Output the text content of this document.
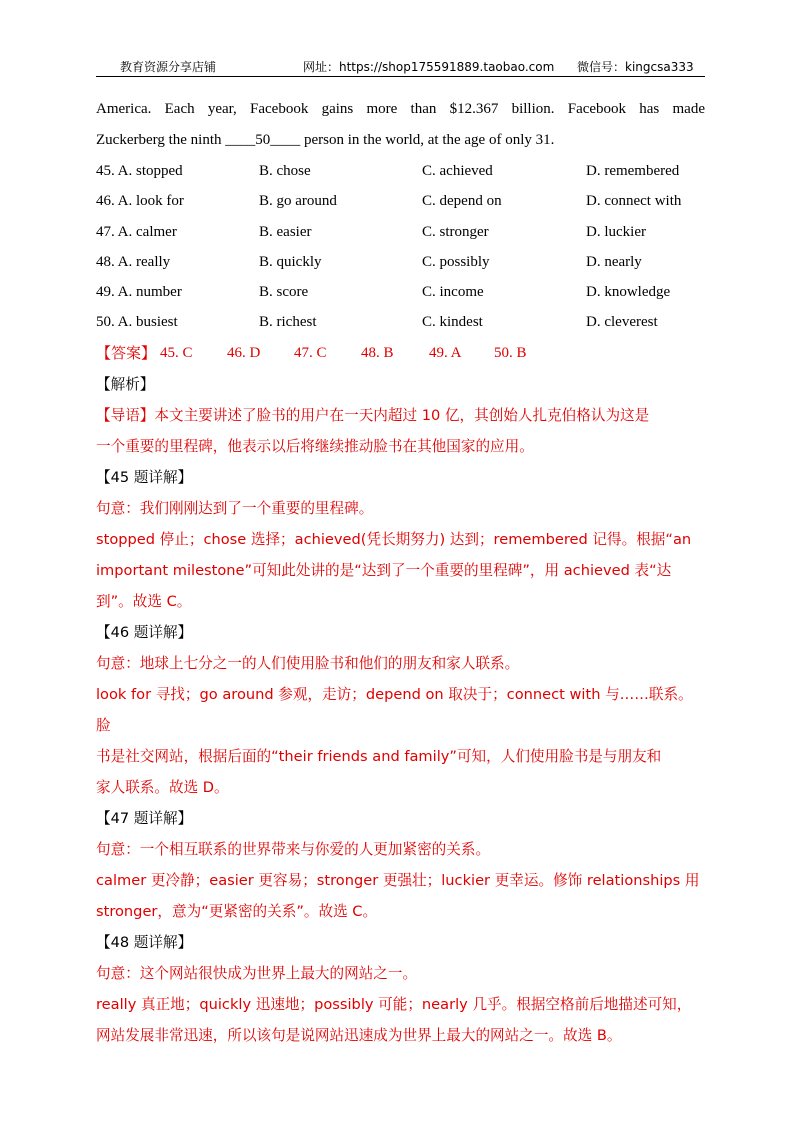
教育资源分享店铺	网址：https://shop175591889.taobao.com 微信号：kingcsa333

America. Each year, Facebook gains more than $12.367 billion. Facebook has made

Zuckerberg the ninth ____50____ person in the world, at the age of only 31.

45. A. stopped	B. chose	C. achieved	D. remembered
46. A. look for	B. go around	C. depend on	D. connect with
47. A. calmer	B. easier	C. stronger	D. luckier
48. A. really	B. quickly	C. possibly	D. nearly
49. A. number	B. score	C. income	D. knowledge
50. A. busiest	B. richest	C. kindest	D. cleverest
【答案】 45. C 46. D 47. C 48. B 49. A 50. B

【解析】

【导语】本文主要讲述了脸书的用户在一天内超过 10 亿，其创始人扎克伯格认为这是

一个重要的里程碑，他表示以后将继续推动脸书在其他国家的应用。

【45 题详解】

句意：我们刚刚达到了一个重要的里程碑。

stopped 停止；chose 选择；achieved(凭长期努力) 达到；remembered 记得。根据“an

important milestone”可知此处讲的是“达到了一个重要的里程碑”，用 achieved 表“达

到”。故选 C。

【46 题详解】

句意：地球上七分之一的人们使用脸书和他们的朋友和家人联系。

look for 寻找；go around 参观，走访；depend on 取决于；connect with 与……联系。脸

书是社交网站，根据后面的“their friends and family”可知，人们使用脸书是与朋友和

家人联系。故选 D。

【47 题详解】

句意：一个相互联系的世界带来与你爱的人更加紧密的关系。

calmer 更冷静；easier 更容易；stronger 更强壮；luckier 更幸运。修饰 relationships 用

stronger，意为“更紧密的关系”。故选 C。

【48 题详解】

句意：这个网站很快成为世界上最大的网站之一。

really 真正地；quickly 迅速地；possibly 可能；nearly 几乎。根据空格前后地描述可知，

网站发展非常迅速，所以该句是说网站迅速成为世界上最大的网站之一。故选 B。
